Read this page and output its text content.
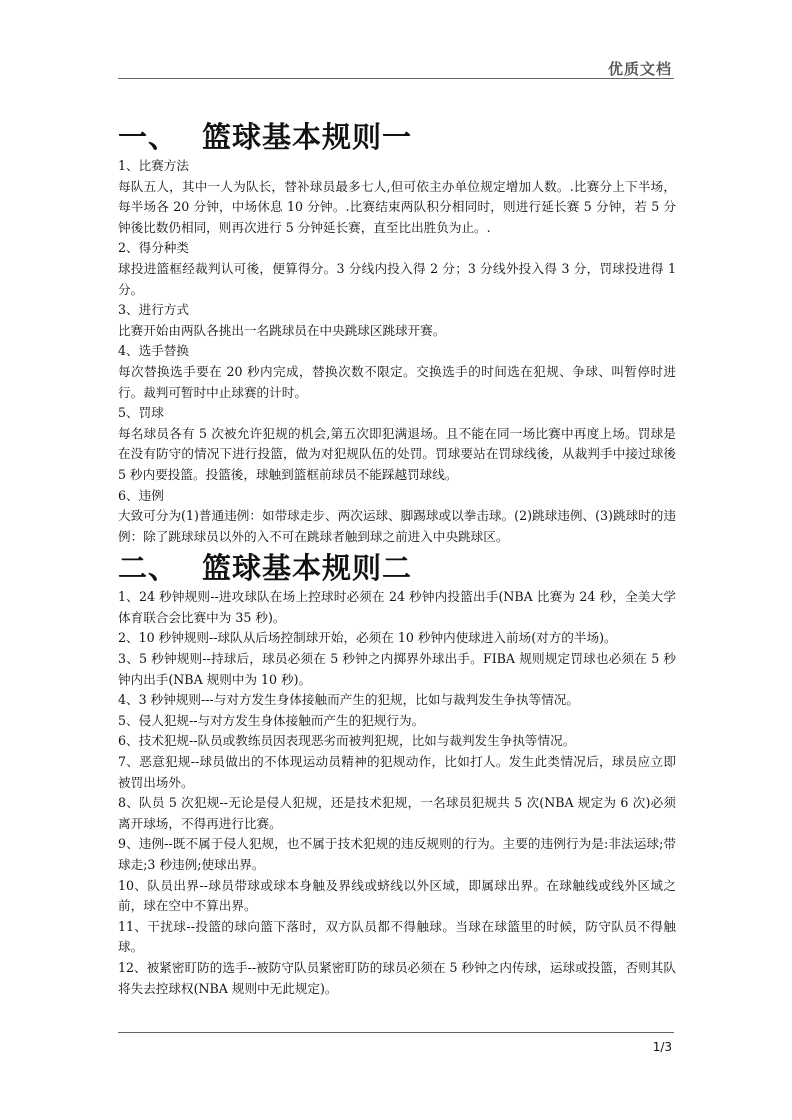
优质文档
一、 篮球基本规则一

1、比赛方法

每队五人，其中一人为队长，替补球员最多七人,但可依主办单位规定增加人数。.比赛分上下半场，每半场各 20 分钟，中场休息 10 分钟。.比赛结束两队积分相同时，则进行延长赛 5 分钟，若 5 分钟後比数仍相同，则再次进行 5 分钟延长赛，直至比出胜负为止。.

2、得分种类

球投进篮框经裁判认可後，便算得分。3 分线内投入得 2 分；3 分线外投入得 3 分，罚球投进得 1 分。

3、进行方式

比赛开始由两队各挑出一名跳球员在中央跳球区跳球开赛。

4、选手替换

每次替换选手要在 20 秒内完成，替换次数不限定。交换选手的时间选在犯规、争球、叫暂停时进行。裁判可暂时中止球赛的计时。

5、罚球

每名球员各有 5 次被允许犯规的机会,第五次即犯满退场。且不能在同一场比赛中再度上场。罚球是在没有防守的情况下进行投篮，做为对犯规队伍的处罚。罚球要站在罚球线後，从裁判手中接过球後 5 秒内要投篮。投篮後，球触到篮框前球员不能踩越罚球线。

6、违例

大致可分为(1)普通违例：如带球走步、两次运球、脚踢球或以拳击球。(2)跳球违例、(3)跳球时的违例：除了跳球球员以外的入不可在跳球者触到球之前进入中央跳球区。

二、 篮球基本规则二

1、24 秒钟规则--进攻球队在场上控球时必须在 24 秒钟内投篮出手(NBA 比赛为 24 秒，全美大学体育联合会比赛中为 35 秒)。

2、10 秒钟规则--球队从后场控制球开始，必须在 10 秒钟内使球进入前场(对方的半场)。

3、5 秒钟规则--持球后，球员必须在 5 秒钟之内掷界外球出手。FIBA 规则规定罚球也必须在 5 秒钟内出手(NBA 规则中为 10 秒)。

4、3 秒钟规则---与对方发生身体接触而产生的犯规，比如与裁判发生争执等情况。

5、侵人犯规--与对方发生身体接触而产生的犯规行为。

6、技术犯规--队员或教练员因表现恶劣而被判犯规，比如与裁判发生争执等情况。

7、恶意犯规--球员做出的不体现运动员精神的犯规动作，比如打人。发生此类情况后，球员应立即被罚出场外。

8、队员 5 次犯规--无论是侵人犯规，还是技术犯规，一名球员犯规共 5 次(NBA 规定为 6 次)必须离开球场，不得再进行比赛。

9、违例--既不属于侵人犯规，也不属于技术犯规的违反规则的行为。主要的违例行为是:非法运球;带球走;3 秒违例;使球出界。

10、队员出界--球员带球或球本身触及界线或蛴线以外区域，即属球出界。在球触线或线外区域之前，球在空中不算出界。

11、干扰球--投篮的球向篮下落时，双方队员都不得触球。当球在球篮里的时候，防守队员不得触球。

12、被紧密盯防的选手--被防守队员紧密盯防的球员必须在 5 秒钟之内传球，运球或投篮，否则其队将失去控球权(NBA 规则中无此规定)。

1/3
